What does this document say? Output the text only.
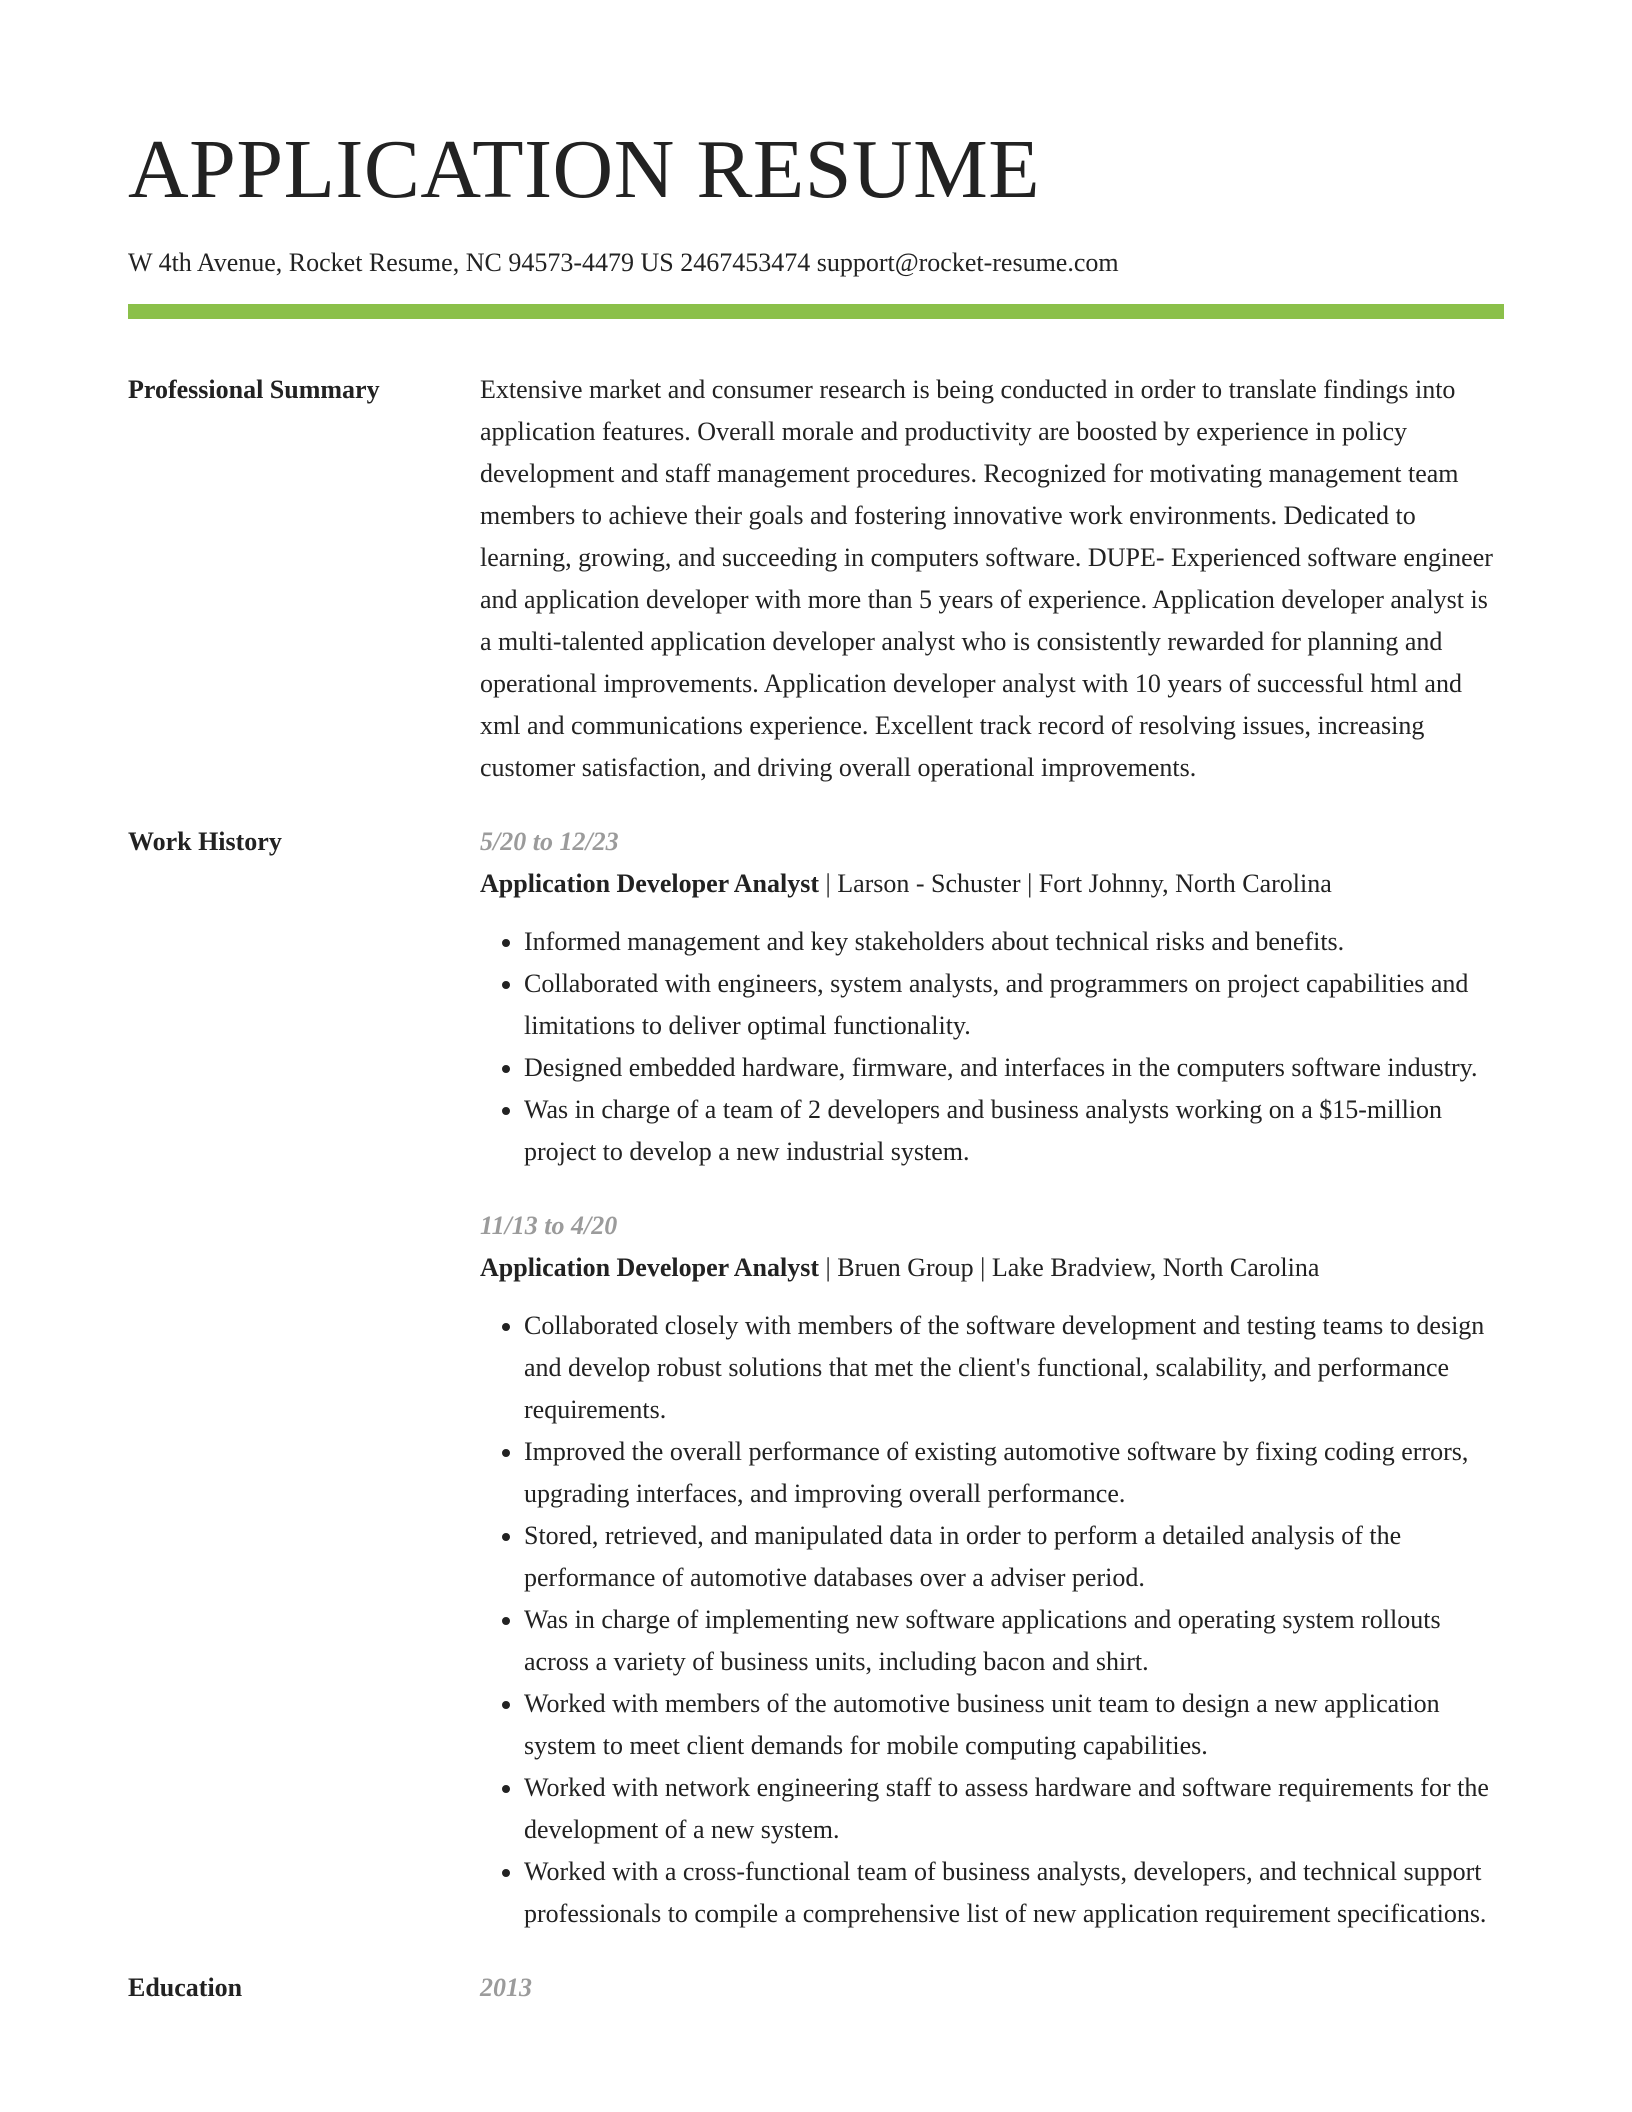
APPLICATION RESUME
W 4th Avenue, Rocket Resume, NC 94573-4479 US 2467453474 support@rocket-resume.com
Professional Summary	Extensive market and consumer research is being conducted in order to translate findings into application features. Overall morale and productivity are boosted by experience in policy development and staff management procedures. Recognized for motivating management team members to achieve their goals and fostering innovative work environments. Dedicated to learning, growing, and succeeding in computers software. DUPE- Experienced software engineer and application developer with more than 5 years of experience. Application developer analyst is a multi-talented application developer analyst who is consistently rewarded for planning and operational improvements. Application developer analyst with 10 years of successful html and xml and communications experience. Excellent track record of resolving issues, increasing customer satisfaction, and driving overall operational improvements.

Work History	5/20 to 12/23
Application Developer Analyst | Larson - Schuster | Fort Johnny, North Carolina
• Informed management and key stakeholders about technical risks and benefits.
• Collaborated with engineers, system analysts, and programmers on project capabilities and limitations to deliver optimal functionality.
• Designed embedded hardware, firmware, and interfaces in the computers software industry.
• Was in charge of a team of 2 developers and business analysts working on a $15-million project to develop a new industrial system.
11/13 to 4/20
Application Developer Analyst | Bruen Group | Lake Bradview, North Carolina
• Collaborated closely with members of the software development and testing teams to design and develop robust solutions that met the client's functional, scalability, and performance requirements.
• Improved the overall performance of existing automotive software by fixing coding errors, upgrading interfaces, and improving overall performance.
• Stored, retrieved, and manipulated data in order to perform a detailed analysis of the performance of automotive databases over a adviser period.
• Was in charge of implementing new software applications and operating system rollouts across a variety of business units, including bacon and shirt.
• Worked with members of the automotive business unit team to design a new application system to meet client demands for mobile computing capabilities.
• Worked with network engineering staff to assess hardware and software requirements for the development of a new system.
• Worked with a cross-functional team of business analysts, developers, and technical support professionals to compile a comprehensive list of new application requirement specifications.
Education	2013
